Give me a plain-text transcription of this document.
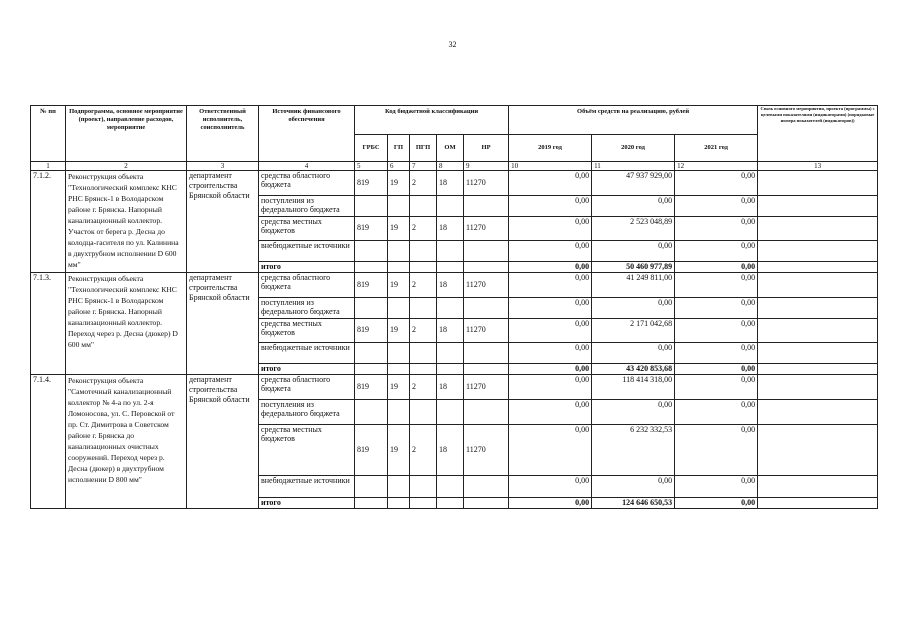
32
№ пп	Подпрограмма, основное мероприятие (проект), направление расходов, мероприятие	Ответственный исполнитель, соисполнитель	Источник финансового обеспечения	Код бюджетной классификации					Объём средств на реализацию, рублей			Связь основного мероприятия, проекта (программы) с целевыми показателями (индикаторами) (порядковые номера показателей (индикаторов))
				ГРБС	ГП	ПГП	ОМ	НР	2019 год	2020 год	2021 год	
1	2	3	4	5	6	7	8	9	10	11	12	13
7.1.2.	Реконструкция объекта "Технологический комплекс КНС РНС Брянск-1 в Володарском районе г. Брянска. Напорный канализационный коллектор. Участок от берега р. Десна до колодца-гасителя по ул. Калинина в двухтрубном исполнении D 600 мм"	департамент строительства Брянской области	средства областного бюджета	819	19	2	18	11270	0,00	47 937 929,00	0,00	
			поступления из федерального бюджета						0,00	0,00	0,00	
			средства местных бюджетов	819	19	2	18	11270	0,00	2 523 048,89	0,00	
			внебюджетные источники						0,00	0,00	0,00	
			итого						0,00	50 460 977,89	0,00	
7.1.3.	Реконструкция объекта "Технологический комплекс КНС РНС Брянск-1 в Володарском районе г. Брянска. Напорный канализационный коллектор. Переход через р. Десна (дюкер) D 600 мм"	департамент строительства Брянской области	средства областного бюджета	819	19	2	18	11270	0,00	41 249 811,00	0,00	
			поступления из федерального бюджета						0,00	0,00	0,00	
			средства местных бюджетов	819	19	2	18	11270	0,00	2 171 042,68	0,00	
			внебюджетные источники						0,00	0,00	0,00	
			итого						0,00	43 420 853,68	0,00	
7.1.4.	Реконструкция объекта "Самотечный канализационный коллектор № 4-а по ул. 2-я Ломоносова, ул. С. Перовской от пр. Ст. Димитрова в Советском районе г. Брянска до канализационных очистных сооружений. Переход через р. Десна (дюкер) в двухтрубном исполнении D 800 мм"	департамент строительства Брянской области	средства областного бюджета	819	19	2	18	11270	0,00	118 414 318,00	0,00	
			поступления из федерального бюджета						0,00	0,00	0,00	
			средства местных бюджетов	819	19	2	18	11270	0,00	6 232 332,53	0,00	
			внебюджетные источники						0,00	0,00	0,00	
			итого						0,00	124 646 650,53	0,00	
